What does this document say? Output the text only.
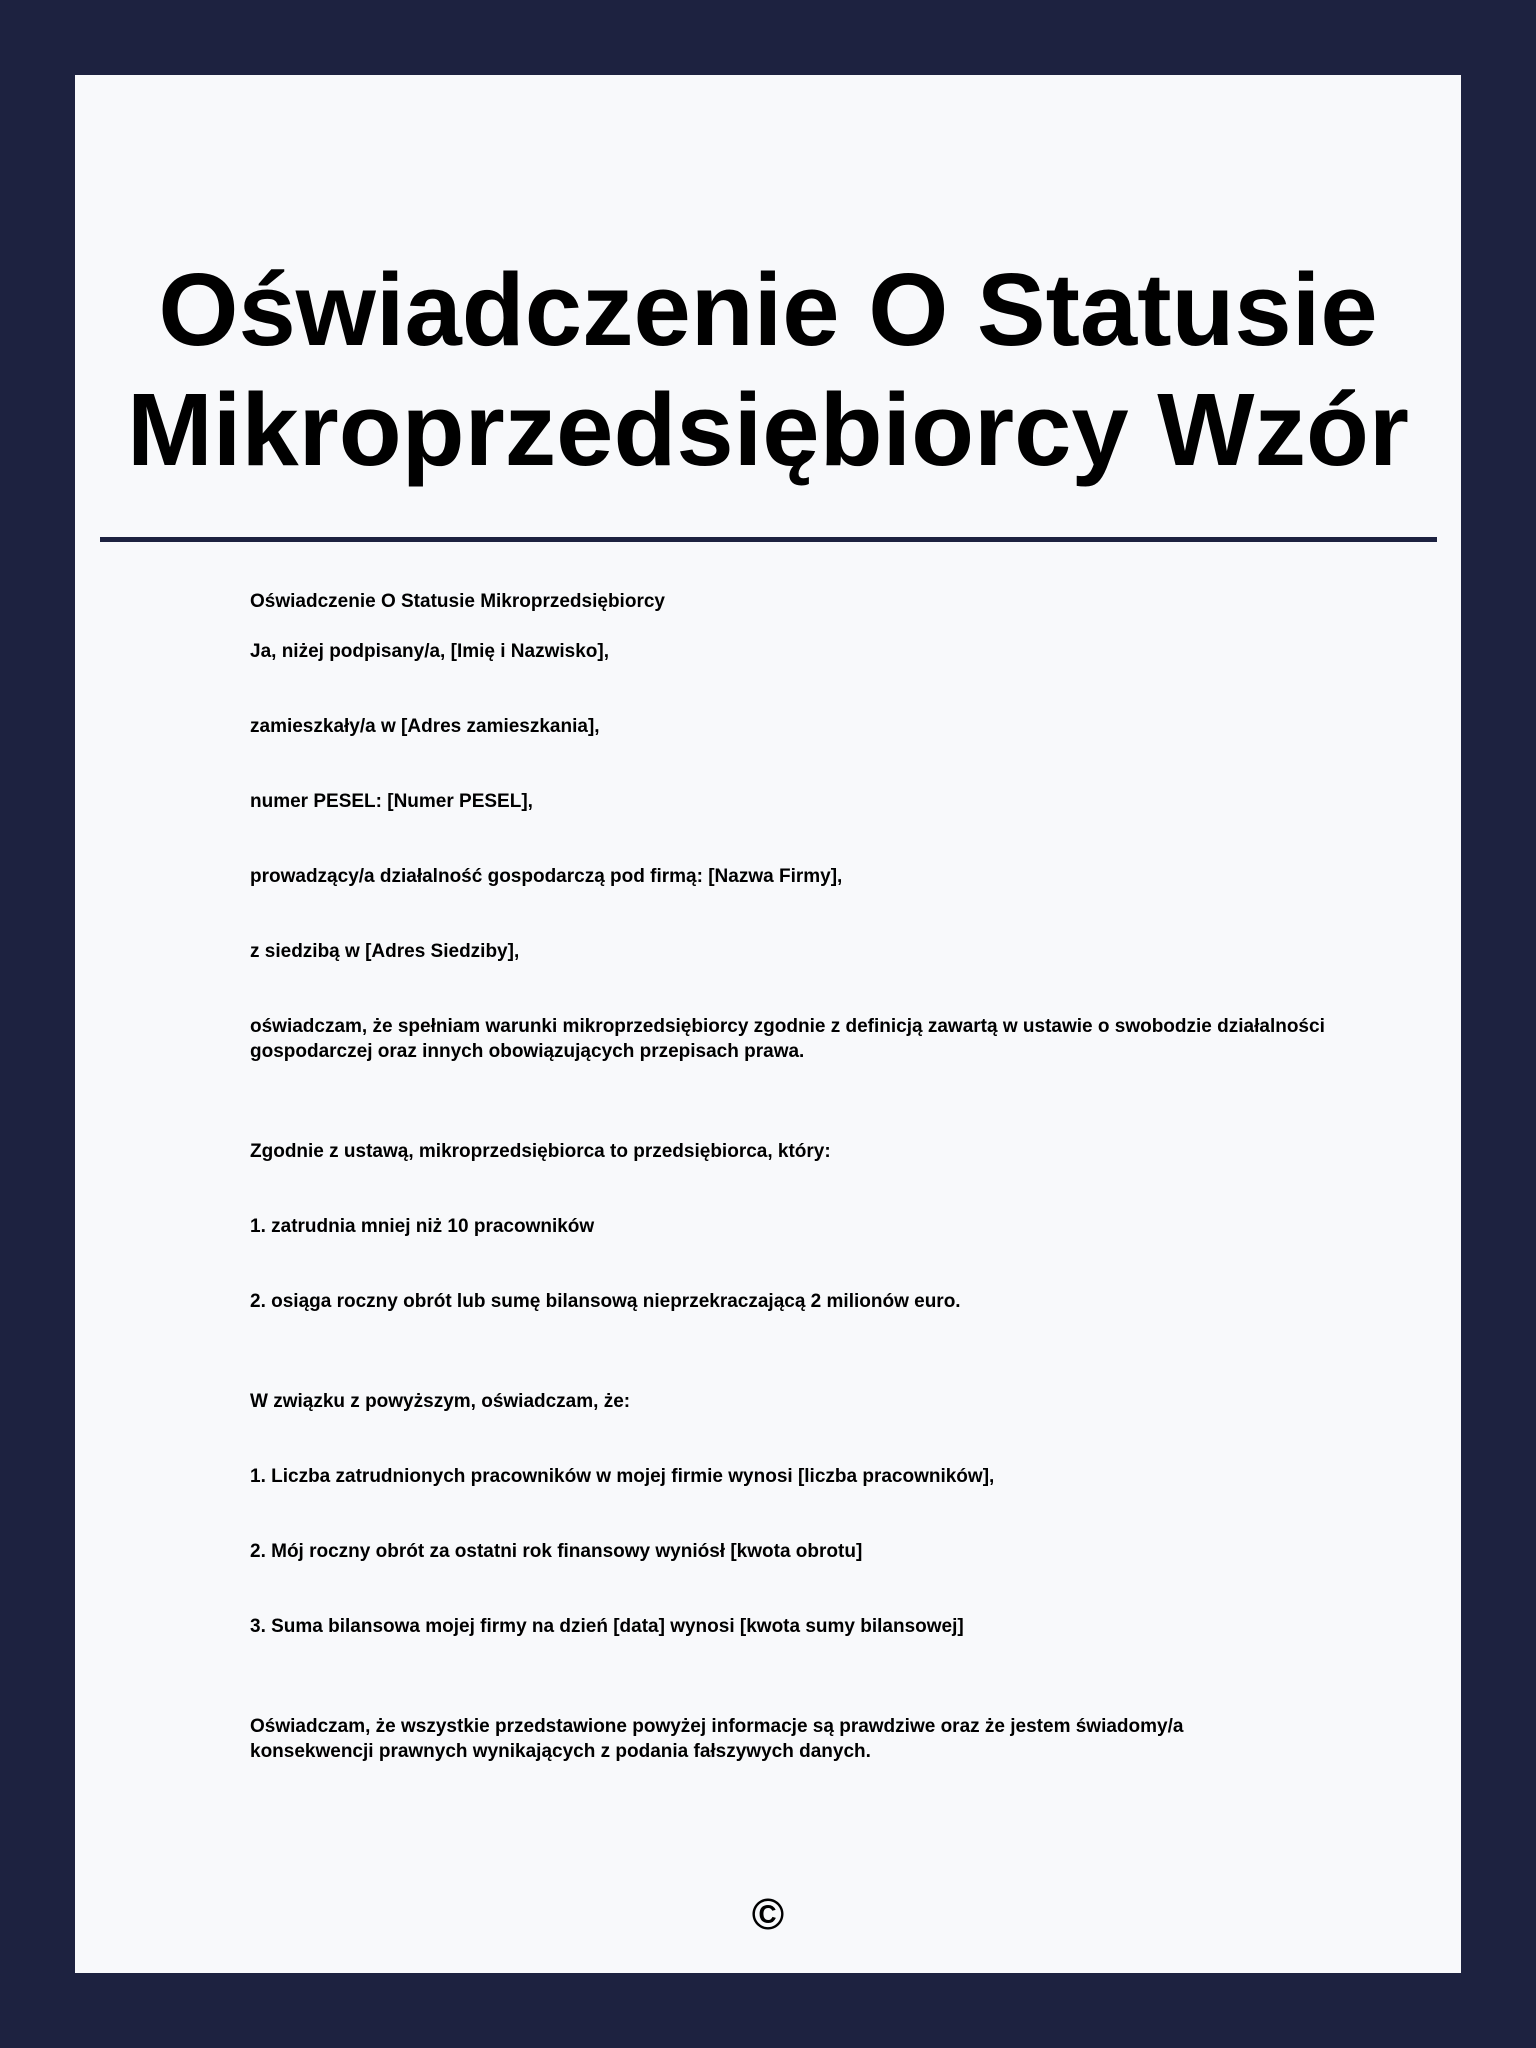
Oświadczenie O Statusie
Mikroprzedsiębiorcy Wzór

Oświadczenie O Statusie Mikroprzedsiębiorcy

Ja, niżej podpisany/a, [Imię i Nazwisko],

zamieszkały/a w [Adres zamieszkania],

numer PESEL: [Numer PESEL],

prowadzący/a działalność gospodarczą pod firmą: [Nazwa Firmy],

z siedzibą w [Adres Siedziby],

oświadczam, że spełniam warunki mikroprzedsiębiorcy zgodnie z definicją zawartą w ustawie o swobodzie działalności gospodarczej oraz innych obowiązujących przepisach prawa.

Zgodnie z ustawą, mikroprzedsiębiorca to przedsiębiorca, który:

1. zatrudnia mniej niż 10 pracowników

2. osiąga roczny obrót lub sumę bilansową nieprzekraczającą 2 milionów euro.

W związku z powyższym, oświadczam, że:

1. Liczba zatrudnionych pracowników w mojej firmie wynosi [liczba pracowników],

2. Mój roczny obrót za ostatni rok finansowy wyniósł [kwota obrotu]

3. Suma bilansowa mojej firmy na dzień [data] wynosi [kwota sumy bilansowej]

Oświadczam, że wszystkie przedstawione powyżej informacje są prawdziwe oraz że jestem świadomy/a konsekwencji prawnych wynikających z podania fałszywych danych.

©
